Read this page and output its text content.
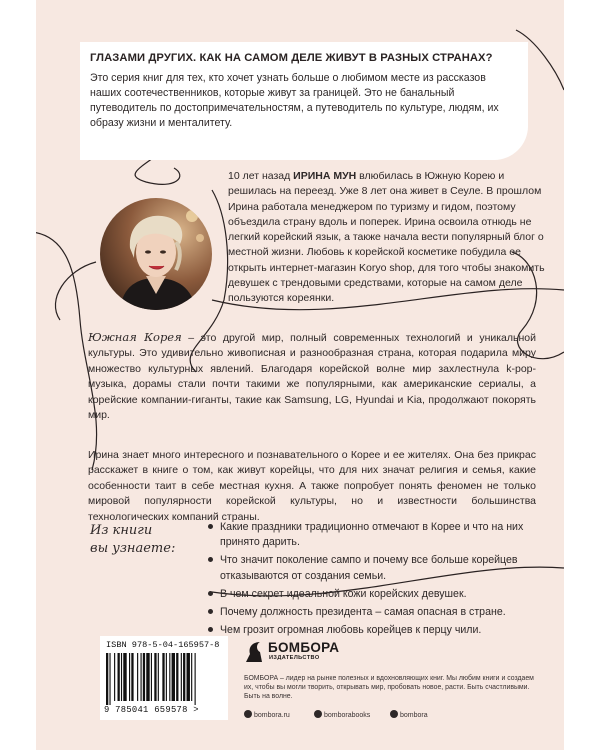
ГЛАЗАМИ ДРУГИХ. КАК НА САМОМ ДЕЛЕ ЖИВУТ В РАЗНЫХ СТРАНАХ?

Это серия книг для тех, кто хочет узнать больше о любимом месте из рассказов наших соотечественников, которые живут за границей. Это не банальный путеводитель по достопримечательностям, а путеводитель по культуре, людям, их образу жизни и менталитету.

10 лет назад ИРИНА МУН влюбилась в Южную Корею и решилась на переезд. Уже 8 лет она живет в Сеуле. В прошлом Ирина работала менеджером по туризму и гидом, поэтому объездила страну вдоль и поперек. Ирина освоила отнюдь не легкий корейский язык, а также начала вести популярный блог о местной жизни. Любовь к корейской косметике побудила ее открыть интернет-магазин Koryo shop, для того чтобы знакомить девушек с трендовыми средствами, которые на самом деле пользуются кореянки.

Южная Корея – это другой мир, полный современных технологий и уникальной культуры. Это удивительно живописная и разнообразная страна, которая подарила миру множество культурных явлений. Благодаря корейской волне мир захлестнула k-pop-музыка, дорамы стали почти такими же популярными, как американские сериалы, а корейские компании-гиганты, такие как Samsung, LG, Hyundai и Kia, продолжают покорять мир.

Ирина знает много интересного и познавательного о Корее и ее жителях. Она без прикрас расскажет в книге о том, как живут корейцы, что для них значат религия и семья, какие особенности таит в себе местная кухня. А также попробует понять феномен не только мировой популярности корейской культуры, но и известности большинства технологических компаний страны.

Из книги
вы узнаете:

Какие праздники традиционно отмечают в Корее и что на них принято дарить.
Что значит поколение сампо и почему все больше корейцев отказываются от создания семьи.
В чем секрет идеальной кожи корейских девушек.
Почему должность президента – самая опасная в стране.
Чем грозит огромная любовь корейцев к перцу чили.
ISBN 978-5-04-165957-8
9 785041 659578 >
БОМБОРА
ИЗДАТЕЛЬСТВО

БОМБОРА – лидер на рынке полезных и вдохновляющих книг. Мы любим книги и создаем их, чтобы вы могли творить, открывать мир, пробовать новое, расти. Быть счастливыми. Быть на волне.

bombora.ru	bomborabooks	bombora
